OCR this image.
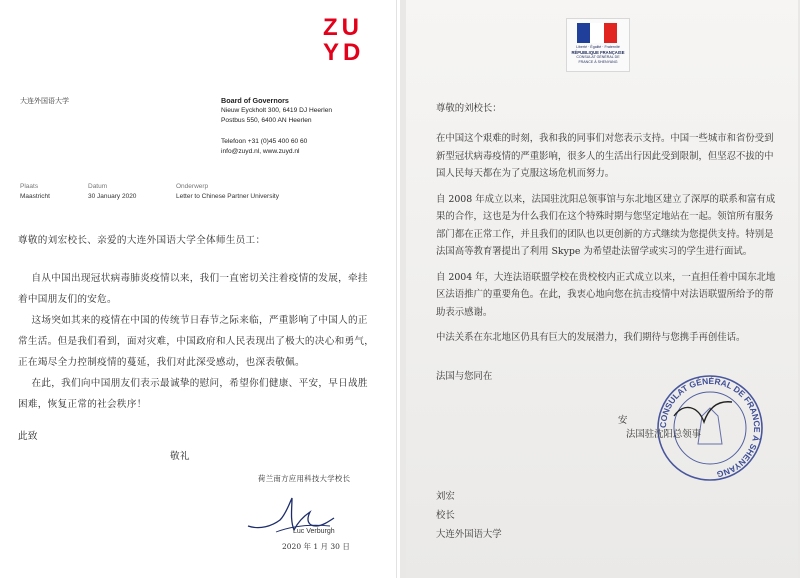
ZU
YD
大连外国语大学	Board of Governors
Nieuw Eyckholt 300, 6419 DJ Heerlen
Postbus 550, 6400 AN Heerlen
Telefoon +31 (0)45 400 60 60
info@zuyd.nl, www.zuyd.nl
Plaats
Maastricht
Datum
30 January 2020
Onderwerp
Letter to Chinese Partner University
尊敬的刘宏校长、亲爱的大连外国语大学全体师生员工：

自从中国出现冠状病毒肺炎疫情以来，我们一直密切关注着疫情的发展，牵挂着中国朋友们的安危。

这场突如其来的疫情在中国的传统节日春节之际来临，严重影响了中国人的正常生活。但是我们看到，面对灾难，中国政府和人民表现出了极大的决心和勇气，正在竭尽全力控制疫情的蔓延，我们对此深受感动，也深表敬佩。

在此，我们向中国朋友们表示最诚挚的慰问，希望你们健康、平安，早日战胜困难，恢复正常的社会秩序！

此致
敬礼
荷兰南方应用科技大学校长
Luc Verburgh
2020 年 1 月 30 日
Liberté · Égalité · Fraternité
RÉPUBLIQUE FRANÇAISE
CONSULAT GÉNÉRAL DE FRANCE À SHENYANG
尊敬的刘校长：

在中国这个艰难的时刻，我和我的同事们对您表示支持。中国一些城市和省份受到新型冠状病毒疫情的严重影响，很多人的生活出行因此受到限制，但坚忍不拔的中国人民每天都在为了克服这场危机而努力。

自 2008 年成立以来，法国驻沈阳总领事馆与东北地区建立了深厚的联系和富有成果的合作，这也是为什么我们在这个特殊时期与您坚定地站在一起。领馆所有服务部门都在正常工作，并且我们的团队也以更创新的方式继续为您提供支持。特别是法国高等教育署提出了利用 Skype 为希望赴法留学或实习的学生进行面试。

自 2004 年，大连法语联盟学校在贵校校内正式成立以来，一直担任着中国东北地区法语推广的重要角色。在此，我衷心地向您在抗击疫情中对法语联盟所给予的帮助表示感谢。

中法关系在东北地区仍具有巨大的发展潜力，我们期待与您携手再创佳话。

法国与您同在
CONSULAT GÉNÉRAL DE FRANCE À SHENYANG
安
法国驻沈阳总领事
刘宏
校长
大连外国语大学
